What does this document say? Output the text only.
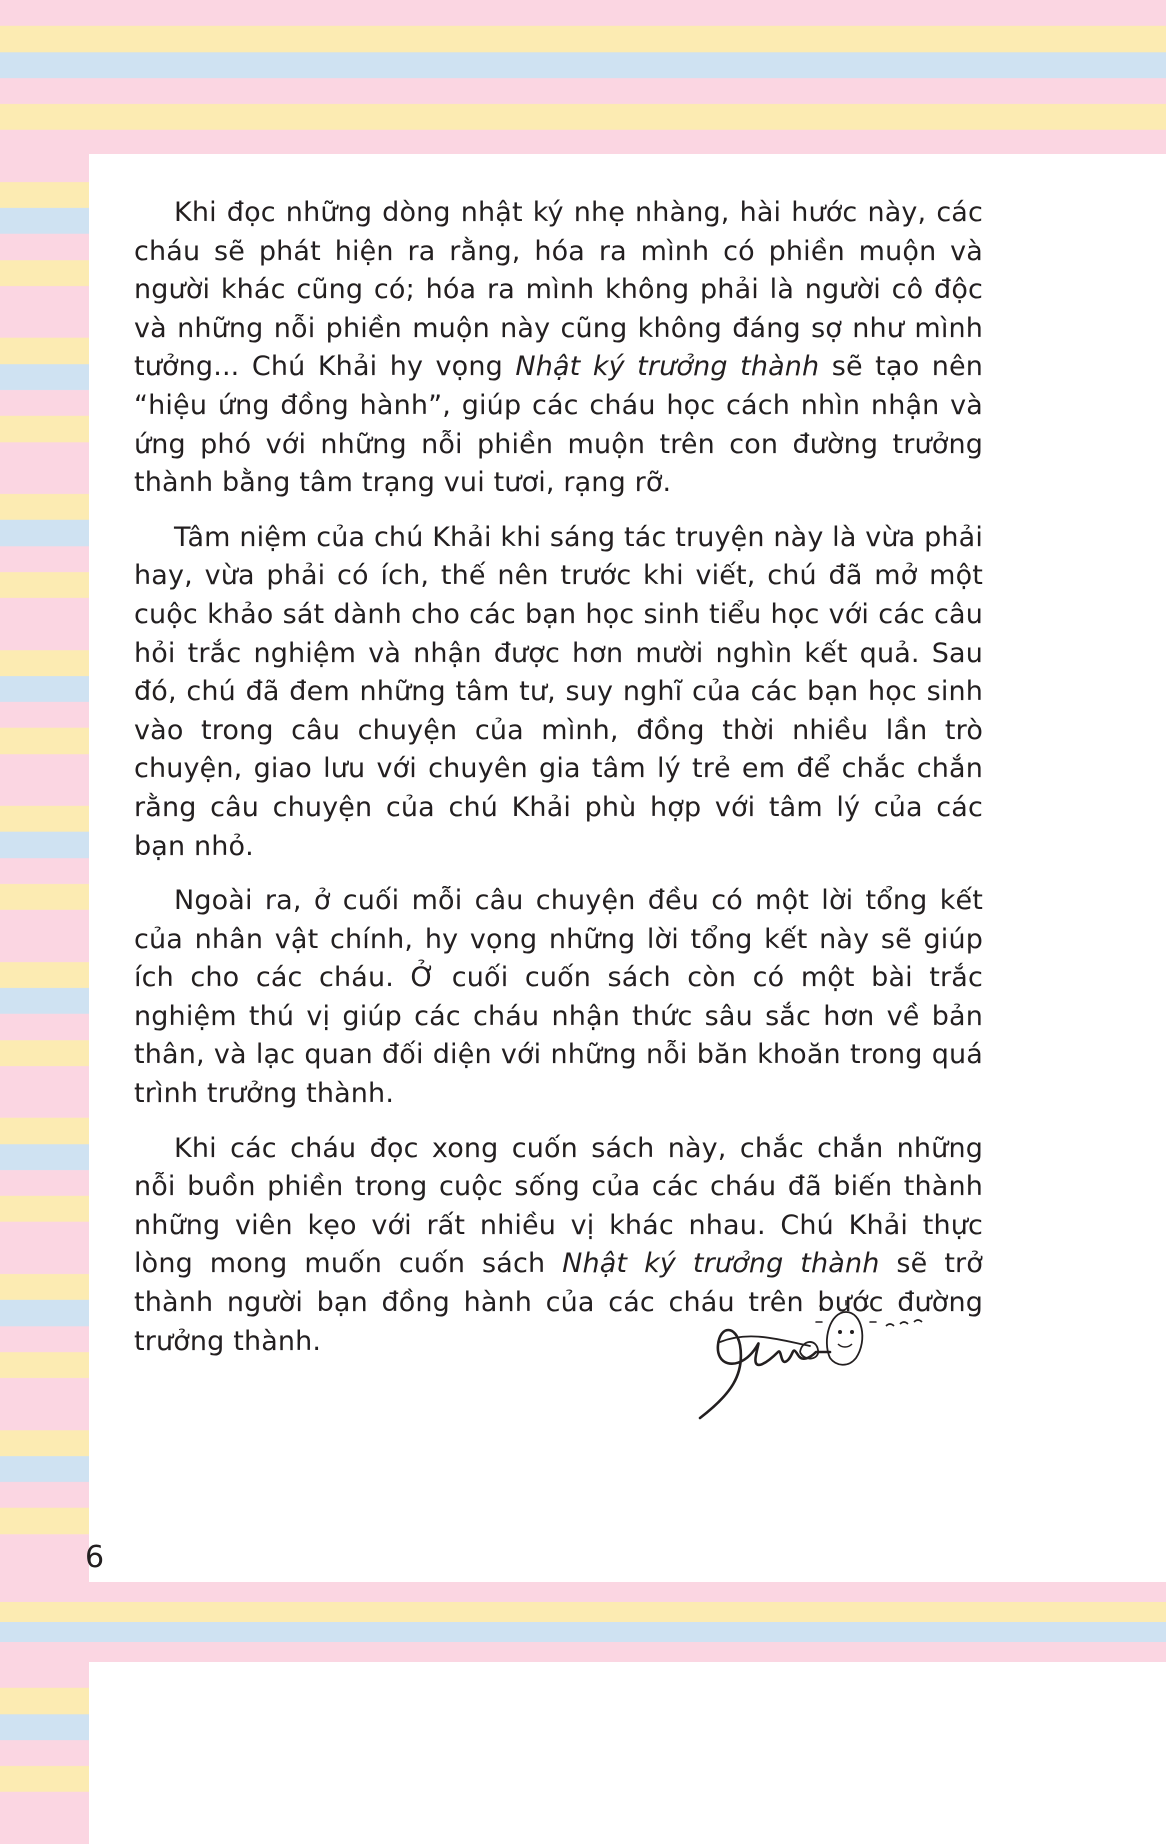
Khi đọc những dòng nhật ký nhẹ nhàng, hài hước này, các cháu sẽ phát hiện ra rằng, hóa ra mình có phiền muộn và người khác cũng có; hóa ra mình không phải là người cô độc và những nỗi phiền muộn này cũng không đáng sợ như mình tưởng... Chú Khải hy vọng Nhật ký trưởng thành sẽ tạo nên “hiệu ứng đồng hành”, giúp các cháu học cách nhìn nhận và ứng phó với những nỗi phiền muộn trên con đường trưởng thành bằng tâm trạng vui tươi, rạng rỡ.

Tâm niệm của chú Khải khi sáng tác truyện này là vừa phải hay, vừa phải có ích, thế nên trước khi viết, chú đã mở một cuộc khảo sát dành cho các bạn học sinh tiểu học với các câu hỏi trắc nghiệm và nhận được hơn mười nghìn kết quả. Sau đó, chú đã đem những tâm tư, suy nghĩ của các bạn học sinh vào trong câu chuyện của mình, đồng thời nhiều lần trò chuyện, giao lưu với chuyên gia tâm lý trẻ em để chắc chắn rằng câu chuyện của chú Khải phù hợp với tâm lý của các bạn nhỏ.

Ngoài ra, ở cuối mỗi câu chuyện đều có một lời tổng kết của nhân vật chính, hy vọng những lời tổng kết này sẽ giúp ích cho các cháu. Ở cuối cuốn sách còn có một bài trắc nghiệm thú vị giúp các cháu nhận thức sâu sắc hơn về bản thân, và lạc quan đối diện với những nỗi băn khoăn trong quá trình trưởng thành.

Khi các cháu đọc xong cuốn sách này, chắc chắn những nỗi buồn phiền trong cuộc sống của các cháu đã biến thành những viên kẹo với rất nhiều vị khác nhau. Chú Khải thực lòng mong muốn cuốn sách Nhật ký trưởng thành sẽ trở thành người bạn đồng hành của các cháu trên bước đường trưởng thành.

6
